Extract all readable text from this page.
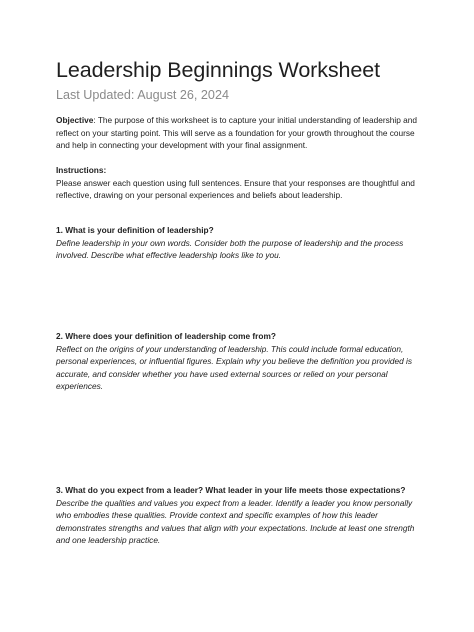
Leadership Beginnings Worksheet
Last Updated: August 26, 2024
Objective: The purpose of this worksheet is to capture your initial understanding of leadership and reflect on your starting point. This will serve as a foundation for your growth throughout the course and help in connecting your development with your final assignment.
Instructions:
Please answer each question using full sentences. Ensure that your responses are thoughtful and reflective, drawing on your personal experiences and beliefs about leadership.
1. What is your definition of leadership?
Define leadership in your own words. Consider both the purpose of leadership and the process involved. Describe what effective leadership looks like to you.
2. Where does your definition of leadership come from?
Reflect on the origins of your understanding of leadership. This could include formal education, personal experiences, or influential figures. Explain why you believe the definition you provided is accurate, and consider whether you have used external sources or relied on your personal experiences.
3. What do you expect from a leader? What leader in your life meets those expectations?
Describe the qualities and values you expect from a leader. Identify a leader you know personally who embodies these qualities. Provide context and specific examples of how this leader demonstrates strengths and values that align with your expectations. Include at least one strength and one leadership practice.
